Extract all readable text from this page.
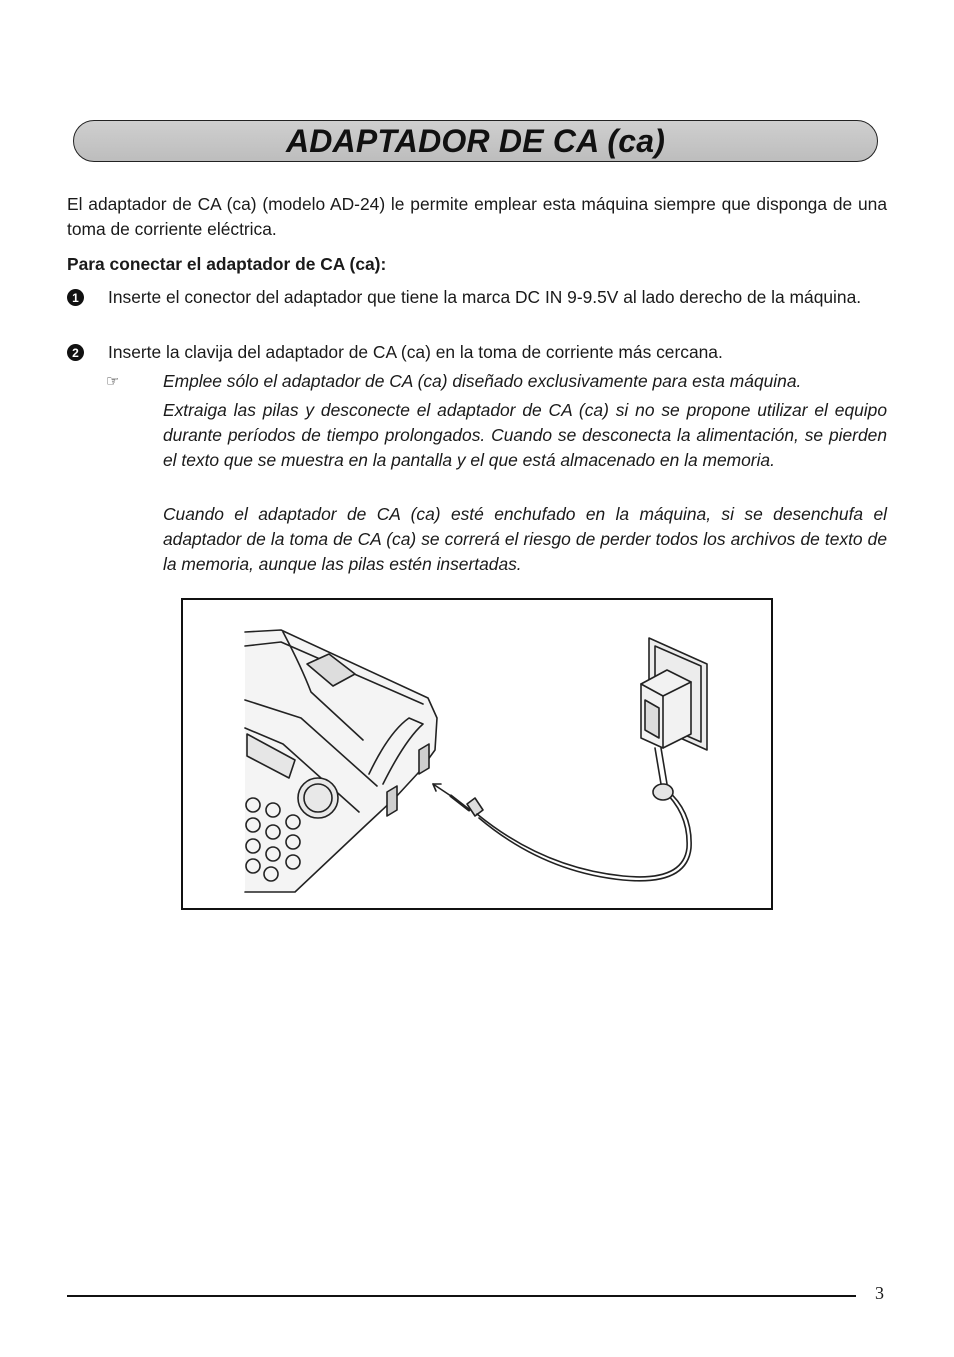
ADAPTADOR DE CA (ca)
El adaptador de CA (ca) (modelo AD-24) le permite emplear esta máquina siempre que disponga de una toma de corriente eléctrica.
Para conectar el adaptador de CA (ca):
1 Inserte el conector del adaptador que tiene la marca DC IN 9-9.5V al lado derecho de la máquina.
2 Inserte la clavija del adaptador de CA (ca) en la toma de corriente más cercana.
☞	Emplee sólo el adaptador de CA (ca) diseñado exclusivamente para esta máquina.
Extraiga las pilas y desconecte el adaptador de CA (ca) si no se propone utilizar el equipo durante períodos de tiempo prolongados. Cuando se desconecta la alimentación, se pierden el texto que se muestra en la pantalla y el que está almacenado en la memoria.
Cuando el adaptador de CA (ca) esté enchufado en la máquina, si se desenchufa el adaptador de la toma de CA (ca) se correrá el riesgo de perder todos los archivos de texto de la memoria, aunque las pilas estén insertadas.
3
